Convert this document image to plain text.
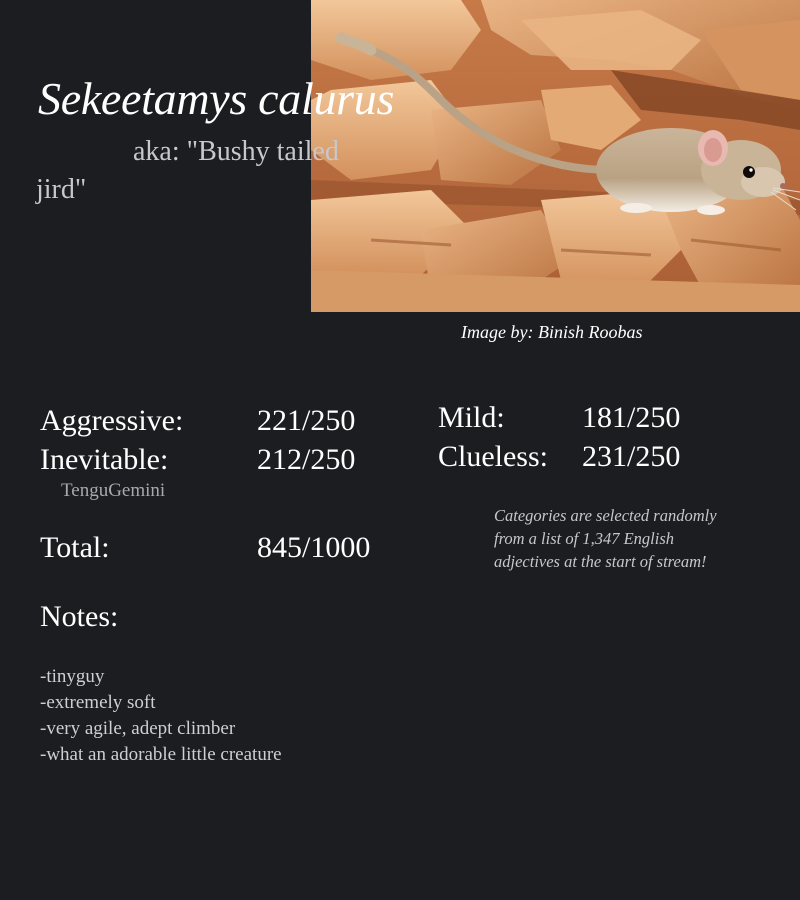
Sekeetamys calurus
aka: "Bushy tailed jird"
Image by: Binish Roobas
Aggressive: 221/250
Inevitable:	212/250
Mild:	181/250
Clueless: 231/250
TenguGemini
Total:	845/1000
Categories are selected randomly from a list of 1,347 English adjectives at the start of stream!
Notes:
-tinyguy
-extremely soft
-very agile, adept climber
-what an adorable little creature
